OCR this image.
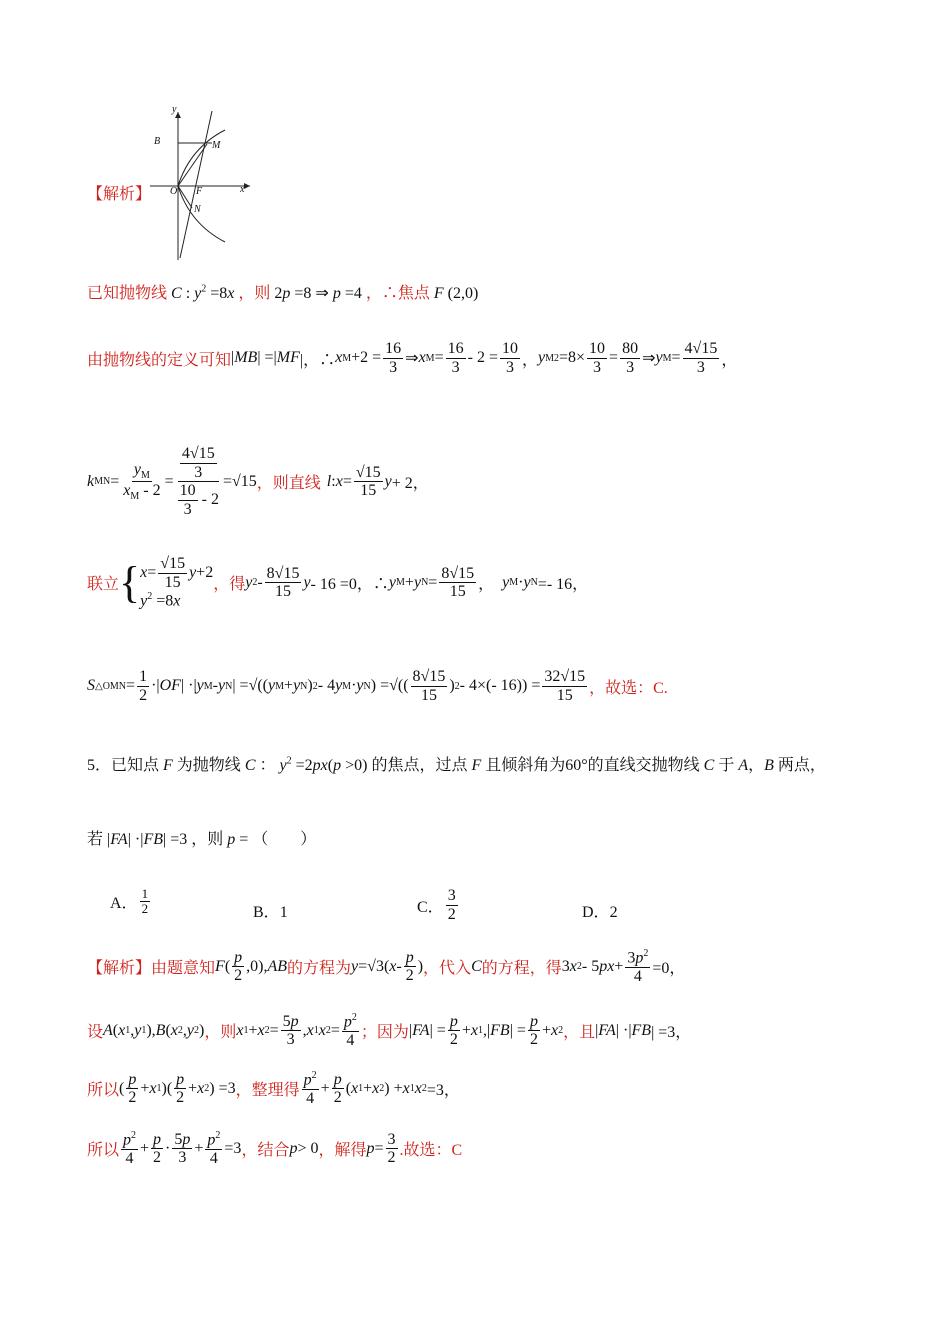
y
x
B	M
O F
N
【解析】
已知抛物线 C : $y^2 =8x$ ，则 2p =8 ⇒ p =4 ，∴焦点 F (2,0)
由抛物线的定义可知 | MB | =| MF |，∴ x $M +2 = \frac{16}{3}$ ⇒ x $M = \frac{16}{3} - 2 = \frac{10}{3}$ ， y M $2 =8\times \frac{10}{3} = \frac{80}{3}$ ⇒ y $M = \frac{4√15}{3}$ ，
k MN = $\frac{y_M}{x_M - 2} = \frac{\frac{4√15}{3}}{\frac{10}{3} - 2} =√15$ ，则直线 l : $x = \frac{√15}{15}$ y + 2，
联立 { $x = \frac{√15}{15}$ y +2
$y^2 =8x$
，得 y 2 -
8√15
15
y - 16 =0，∴ y M + y $N = \frac{8√15}{15}$ ，　 y M · y N =- 16，
S △OMN = $\frac{1}{2}$ ·| OF | ·| y M - y N | =√(( y M + y N ) 2 - 4 y M · y N ) =√((
8√15
15
) 2 - 4×(- $16)) = \frac{32√15}{15}$ ，故选：C.
5．已知点 F 为抛物线 C ： $y^2 =2px(p >0)$ 的焦点，过点 F 且倾斜角为60°的直线交抛物线 C 于 A，B 两点，
若 |FA| ·|FB| =3 ，则 p = （　　）
A． $\frac{1}{2}$	B．1	C． $\frac{3}{2}$	D．2
【解析】 由题意知 F (
p
2
,0), AB 的方程为 y =√3( x -
p
2
) ，代入 C 的方程，得 3 x 2 - 5 px + $\frac{3p^2}{4} =0$，
设 A ( x 1 , y 1 ), B ( x 2 , y 2 ) ，则 x 1 + x $2 = \frac{5p}{3}$ , x 1 x $2 = \frac{p^2}{4}$ ；因为 | FA | = $\frac{p}{2} + x$ 1 ,| FB | = $\frac{p}{2} + x$ 2 ，且 | FA | ·| FB | =3，
所以 (
p
2
+ x 1 )(
p
2
+ x 2 ) =3 ，整理得
$p^2$
4
+ $\frac{p}{2}$ ( x 1 + x 2 ) + x 1 x 2 =3，
所以
$p^2$
4
+ $\frac{p}{2}$ ·
5p
3
+ $\frac{p^2}{4} =3$ ，结合 p > 0 ，解得 $p = \frac{3}{2}$ .故选：C
